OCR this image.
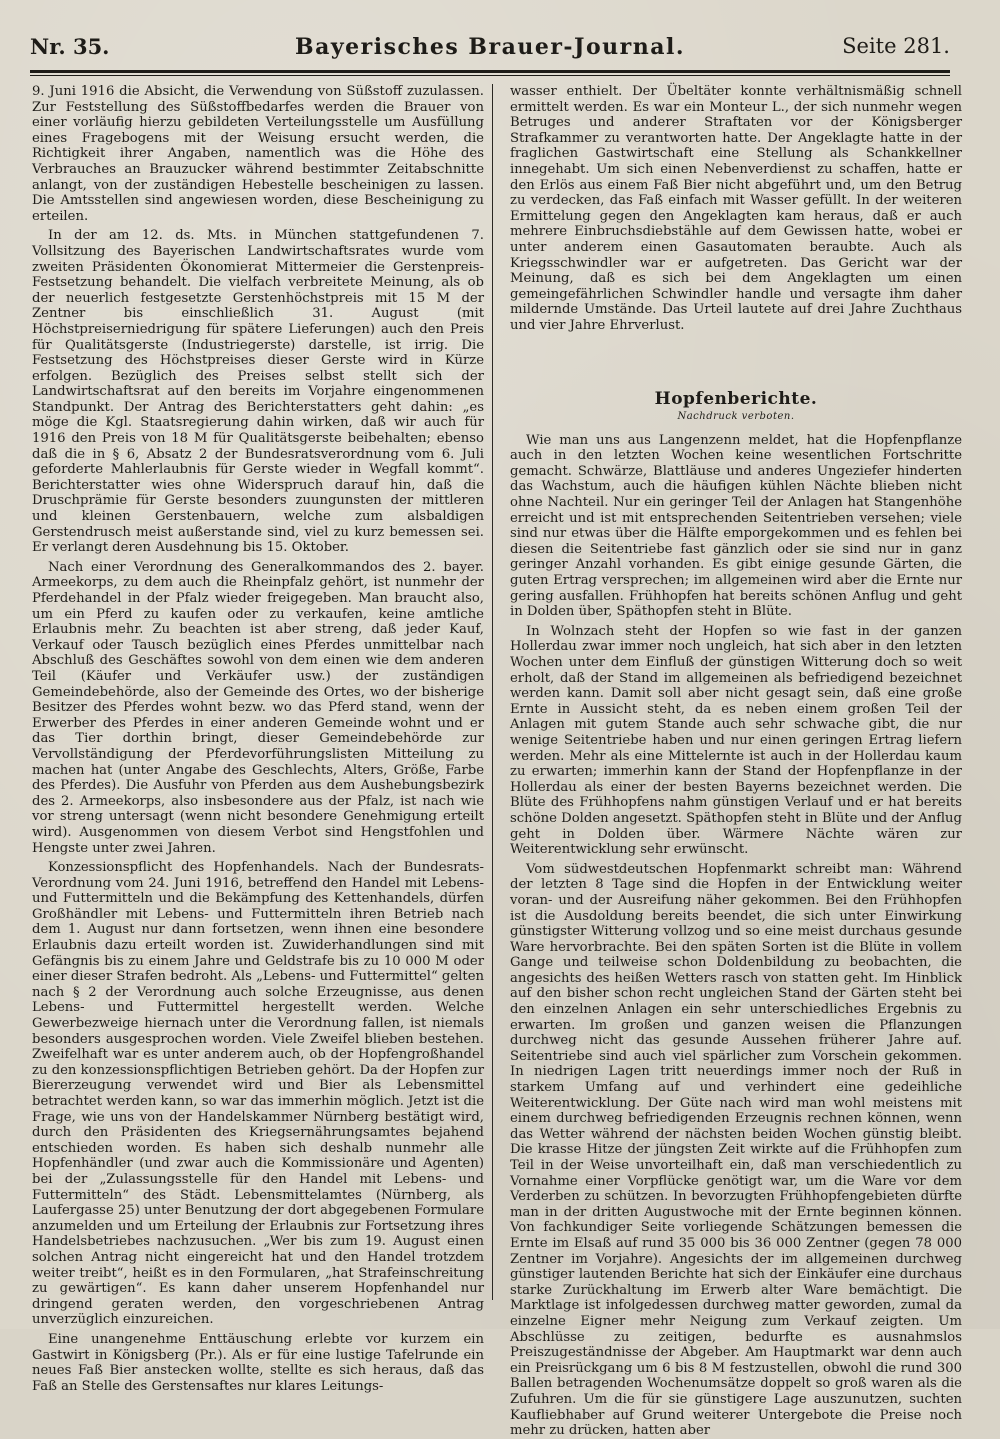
Nr. 35.	Bayerisches Brauer-Journal.	Seite 281.

9. Juni 1916 die Absicht, die Verwendung von Süßstoff zuzulassen. Zur Feststellung des Süßstoffbedarfes werden die Brauer von einer vorläufig hierzu gebildeten Verteilungsstelle um Ausfüllung eines Fragebogens mit der Weisung ersucht werden, die Richtigkeit ihrer Angaben, namentlich was die Höhe des Verbrauches an Brauzucker während bestimmter Zeitabschnitte anlangt, von der zuständigen Hebestelle bescheinigen zu lassen. Die Amtsstellen sind angewiesen worden, diese Bescheinigung zu erteilen.

In der am 12. ds. Mts. in München stattgefundenen 7. Vollsitzung des Bayerischen Landwirtschaftsrates wurde vom zweiten Präsidenten Ökonomierat Mittermeier die Gerstenpreis-Festsetzung behandelt. Die vielfach verbreitete Meinung, als ob der neuerlich festgesetzte Gerstenhöchstpreis mit 15 M der Zentner bis einschließlich 31. August (mit Höchstpreiserniedrigung für spätere Lieferungen) auch den Preis für Qualitätsgerste (Industriegerste) darstelle, ist irrig. Die Festsetzung des Höchstpreises dieser Gerste wird in Kürze erfolgen. Bezüglich des Preises selbst stellt sich der Landwirtschaftsrat auf den bereits im Vorjahre eingenommenen Standpunkt. Der Antrag des Berichterstatters geht dahin: „es möge die Kgl. Staatsregierung dahin wirken, daß wir auch für 1916 den Preis von 18 M für Qualitätsgerste beibehalten; ebenso daß die in § 6, Absatz 2 der Bundesratsverordnung vom 6. Juli geforderte Mahlerlaubnis für Gerste wieder in Wegfall kommt“. Berichterstatter wies ohne Widerspruch darauf hin, daß die Druschprämie für Gerste besonders zuungunsten der mittleren und kleinen Gerstenbauern, welche zum alsbaldigen Gerstendrusch meist außerstande sind, viel zu kurz bemessen sei. Er verlangt deren Ausdehnung bis 15. Oktober.

Nach einer Verordnung des Generalkommandos des 2. bayer. Armeekorps, zu dem auch die Rheinpfalz gehört, ist nunmehr der Pferdehandel in der Pfalz wieder freigegeben. Man braucht also, um ein Pferd zu kaufen oder zu verkaufen, keine amtliche Erlaubnis mehr. Zu beachten ist aber streng, daß jeder Kauf, Verkauf oder Tausch bezüglich eines Pferdes unmittelbar nach Abschluß des Geschäftes sowohl von dem einen wie dem anderen Teil (Käufer und Verkäufer usw.) der zuständigen Gemeindebehörde, also der Gemeinde des Ortes, wo der bisherige Besitzer des Pferdes wohnt bezw. wo das Pferd stand, wenn der Erwerber des Pferdes in einer anderen Gemeinde wohnt und er das Tier dorthin bringt, dieser Gemeindebehörde zur Vervollständigung der Pferdevorführungslisten Mitteilung zu machen hat (unter Angabe des Geschlechts, Alters, Größe, Farbe des Pferdes). Die Ausfuhr von Pferden aus dem Aushebungsbezirk des 2. Armeekorps, also insbesondere aus der Pfalz, ist nach wie vor streng untersagt (wenn nicht besondere Genehmigung erteilt wird). Ausgenommen von diesem Verbot sind Hengstfohlen und Hengste unter zwei Jahren.

Konzessionspflicht des Hopfenhandels. Nach der Bundesrats-Verordnung vom 24. Juni 1916, betreffend den Handel mit Lebens- und Futtermitteln und die Bekämpfung des Kettenhandels, dürfen Großhändler mit Lebens- und Futtermitteln ihren Betrieb nach dem 1. August nur dann fortsetzen, wenn ihnen eine besondere Erlaubnis dazu erteilt worden ist. Zuwiderhandlungen sind mit Gefängnis bis zu einem Jahre und Geldstrafe bis zu 10 000 M oder einer dieser Strafen bedroht. Als „Lebens- und Futtermittel“ gelten nach § 2 der Verordnung auch solche Erzeugnisse, aus denen Lebens- und Futtermittel hergestellt werden. Welche Gewerbezweige hiernach unter die Verordnung fallen, ist niemals besonders ausgesprochen worden. Viele Zweifel blieben bestehen. Zweifelhaft war es unter anderem auch, ob der Hopfengroßhandel zu den konzessionspflichtigen Betrieben gehört. Da der Hopfen zur Biererzeugung verwendet wird und Bier als Lebensmittel betrachtet werden kann, so war das immerhin möglich. Jetzt ist die Frage, wie uns von der Handelskammer Nürnberg bestätigt wird, durch den Präsidenten des Kriegsernährungsamtes bejahend entschieden worden. Es haben sich deshalb nunmehr alle Hopfenhändler (und zwar auch die Kommissionäre und Agenten) bei der „Zulassungsstelle für den Handel mit Lebens- und Futtermitteln“ des Städt. Lebensmittelamtes (Nürnberg, als Laufergasse 25) unter Benutzung der dort abgegebenen Formulare anzumelden und um Erteilung der Erlaubnis zur Fortsetzung ihres Handelsbetriebes nachzusuchen. „Wer bis zum 19. August einen solchen Antrag nicht eingereicht hat und den Handel trotzdem weiter treibt“, heißt es in den Formularen, „hat Strafeinschreitung zu gewärtigen“. Es kann daher unserem Hopfenhandel nur dringend geraten werden, den vorgeschriebenen Antrag unverzüglich einzureichen.

Eine unangenehme Enttäuschung erlebte vor kurzem ein Gastwirt in Königsberg (Pr.). Als er für eine lustige Tafelrunde ein neues Faß Bier anstecken wollte, stellte es sich heraus, daß das Faß an Stelle des Gerstensaftes nur klares Leitungs-

wasser enthielt. Der Übeltäter konnte verhältnismäßig schnell ermittelt werden. Es war ein Monteur L., der sich nunmehr wegen Betruges und anderer Straftaten vor der Königsberger Strafkammer zu verantworten hatte. Der Angeklagte hatte in der fraglichen Gastwirtschaft eine Stellung als Schankkellner innegehabt. Um sich einen Nebenverdienst zu schaffen, hatte er den Erlös aus einem Faß Bier nicht abgeführt und, um den Betrug zu verdecken, das Faß einfach mit Wasser gefüllt. In der weiteren Ermittelung gegen den Angeklagten kam heraus, daß er auch mehrere Einbruchsdiebstähle auf dem Gewissen hatte, wobei er unter anderem einen Gasautomaten beraubte. Auch als Kriegsschwindler war er aufgetreten. Das Gericht war der Meinung, daß es sich bei dem Angeklagten um einen gemeingefährlichen Schwindler handle und versagte ihm daher mildernde Umstände. Das Urteil lautete auf drei Jahre Zuchthaus und vier Jahre Ehrverlust.

Hopfenberichte.
Nachdruck verboten.

Wie man uns aus Langenzenn meldet, hat die Hopfenpflanze auch in den letzten Wochen keine wesentlichen Fortschritte gemacht. Schwärze, Blattläuse und anderes Ungeziefer hinderten das Wachstum, auch die häufigen kühlen Nächte blieben nicht ohne Nachteil. Nur ein geringer Teil der Anlagen hat Stangenhöhe erreicht und ist mit entsprechenden Seitentrieben versehen; viele sind nur etwas über die Hälfte emporgekommen und es fehlen bei diesen die Seitentriebe fast gänzlich oder sie sind nur in ganz geringer Anzahl vorhanden. Es gibt einige gesunde Gärten, die guten Ertrag versprechen; im allgemeinen wird aber die Ernte nur gering ausfallen. Frühhopfen hat bereits schönen Anflug und geht in Dolden über, Späthopfen steht in Blüte.

In Wolnzach steht der Hopfen so wie fast in der ganzen Hollerdau zwar immer noch ungleich, hat sich aber in den letzten Wochen unter dem Einfluß der günstigen Witterung doch so weit erholt, daß der Stand im allgemeinen als befriedigend bezeichnet werden kann. Damit soll aber nicht gesagt sein, daß eine große Ernte in Aussicht steht, da es neben einem großen Teil der Anlagen mit gutem Stande auch sehr schwache gibt, die nur wenige Seitentriebe haben und nur einen geringen Ertrag liefern werden. Mehr als eine Mittelernte ist auch in der Hollerdau kaum zu erwarten; immerhin kann der Stand der Hopfenpflanze in der Hollerdau als einer der besten Bayerns bezeichnet werden. Die Blüte des Frühhopfens nahm günstigen Verlauf und er hat bereits schöne Dolden angesetzt. Späthopfen steht in Blüte und der Anflug geht in Dolden über. Wärmere Nächte wären zur Weiterentwicklung sehr erwünscht.

Vom südwestdeutschen Hopfenmarkt schreibt man: Während der letzten 8 Tage sind die Hopfen in der Entwicklung weiter voran- und der Ausreifung näher gekommen. Bei den Frühhopfen ist die Ausdoldung bereits beendet, die sich unter Einwirkung günstigster Witterung vollzog und so eine meist durchaus gesunde Ware hervorbrachte. Bei den späten Sorten ist die Blüte in vollem Gange und teilweise schon Doldenbildung zu beobachten, die angesichts des heißen Wetters rasch von statten geht. Im Hinblick auf den bisher schon recht ungleichen Stand der Gärten steht bei den einzelnen Anlagen ein sehr unterschiedliches Ergebnis zu erwarten. Im großen und ganzen weisen die Pflanzungen durchweg nicht das gesunde Aussehen früherer Jahre auf. Seitentriebe sind auch viel spärlicher zum Vorschein gekommen. In niedrigen Lagen tritt neuerdings immer noch der Ruß in starkem Umfang auf und verhindert eine gedeihliche Weiterentwicklung. Der Güte nach wird man wohl meistens mit einem durchweg befriedigenden Erzeugnis rechnen können, wenn das Wetter während der nächsten beiden Wochen günstig bleibt. Die krasse Hitze der jüngsten Zeit wirkte auf die Frühhopfen zum Teil in der Weise unvorteilhaft ein, daß man verschiedentlich zu Vornahme einer Vorpflücke genötigt war, um die Ware vor dem Verderben zu schützen. In bevorzugten Frühhopfengebieten dürfte man in der dritten Augustwoche mit der Ernte beginnen können. Von fachkundiger Seite vorliegende Schätzungen bemessen die Ernte im Elsaß auf rund 35 000 bis 36 000 Zentner (gegen 78 000 Zentner im Vorjahre). Angesichts der im allgemeinen durchweg günstiger lautenden Berichte hat sich der Einkäufer eine durchaus starke Zurückhaltung im Erwerb alter Ware bemächtigt. Die Marktlage ist infolgedessen durchweg matter geworden, zumal da einzelne Eigner mehr Neigung zum Verkauf zeigten. Um Abschlüsse zu zeitigen, bedurfte es ausnahmslos Preiszugeständnisse der Abgeber. Am Hauptmarkt war denn auch ein Preisrückgang um 6 bis 8 M festzustellen, obwohl die rund 300 Ballen betragenden Wochenumsätze doppelt so groß waren als die Zufuhren. Um die für sie günstigere Lage auszunutzen, suchten Kaufliebhaber auf Grund weiterer Untergebote die Preise noch mehr zu drücken, hatten aber
